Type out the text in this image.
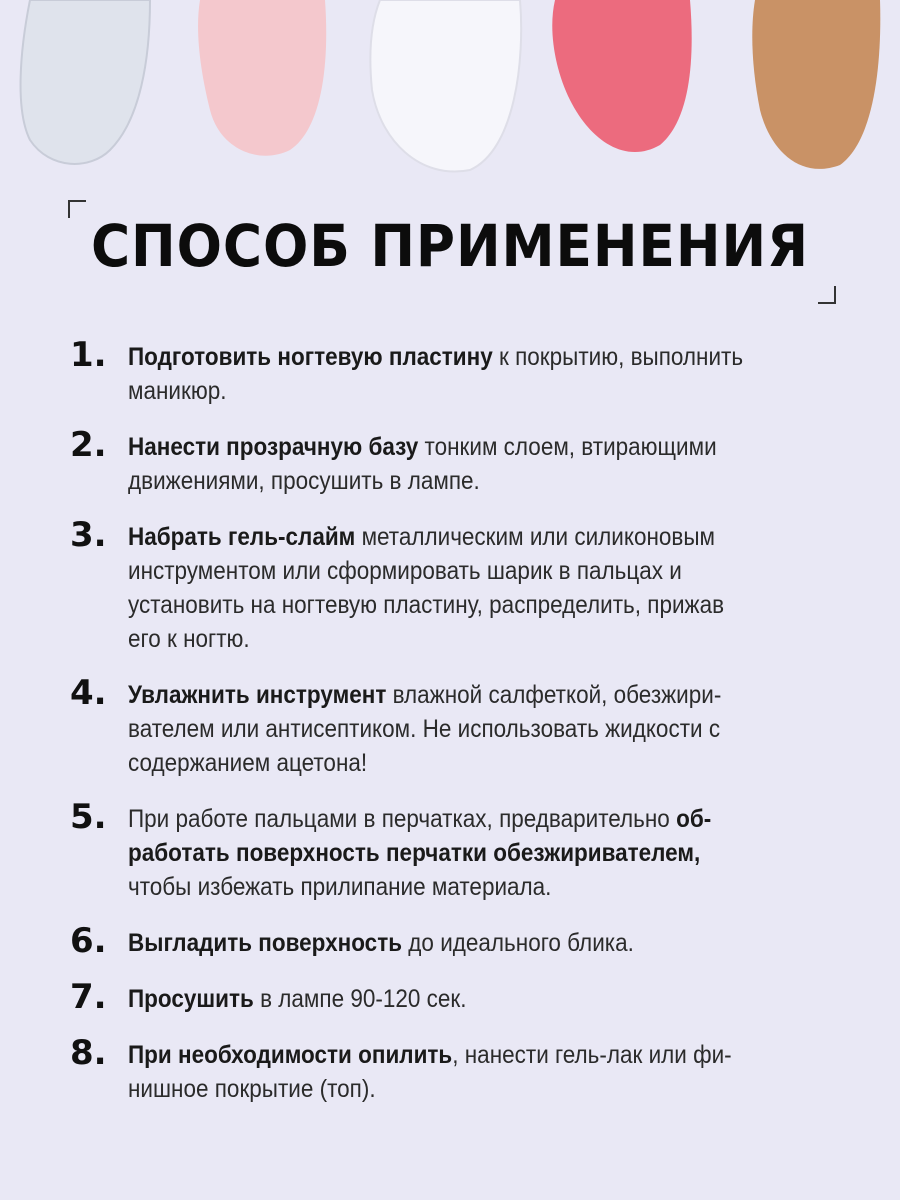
СПОСОБ ПРИМЕНЕНИЯ
1. Подготовить ногтевую пластину к покрытию, выполнить маникюр.
2. Нанести прозрачную базу тонким слоем, втирающими движениями, просушить в лампе.
3. Набрать гель-слайм металлическим или силиконовым инструментом или сформировать шарик в пальцах и установить на ногтевую пластину, распределить, прижав его к ногтю.
4. Увлажнить инструмент влажной салфеткой, обезжири-вателем или антисептиком. Не использовать жидкости с содержанием ацетона!
5. При работе пальцами в перчатках, предварительно об-работать поверхность перчатки обезжиривателем, чтобы избежать прилипание материала.
6. Выгладить поверхность до идеального блика.
7. Просушить в лампе 90-120 сек.
8. При необходимости опилить, нанести гель-лак или фи-нишное покрытие (топ).
